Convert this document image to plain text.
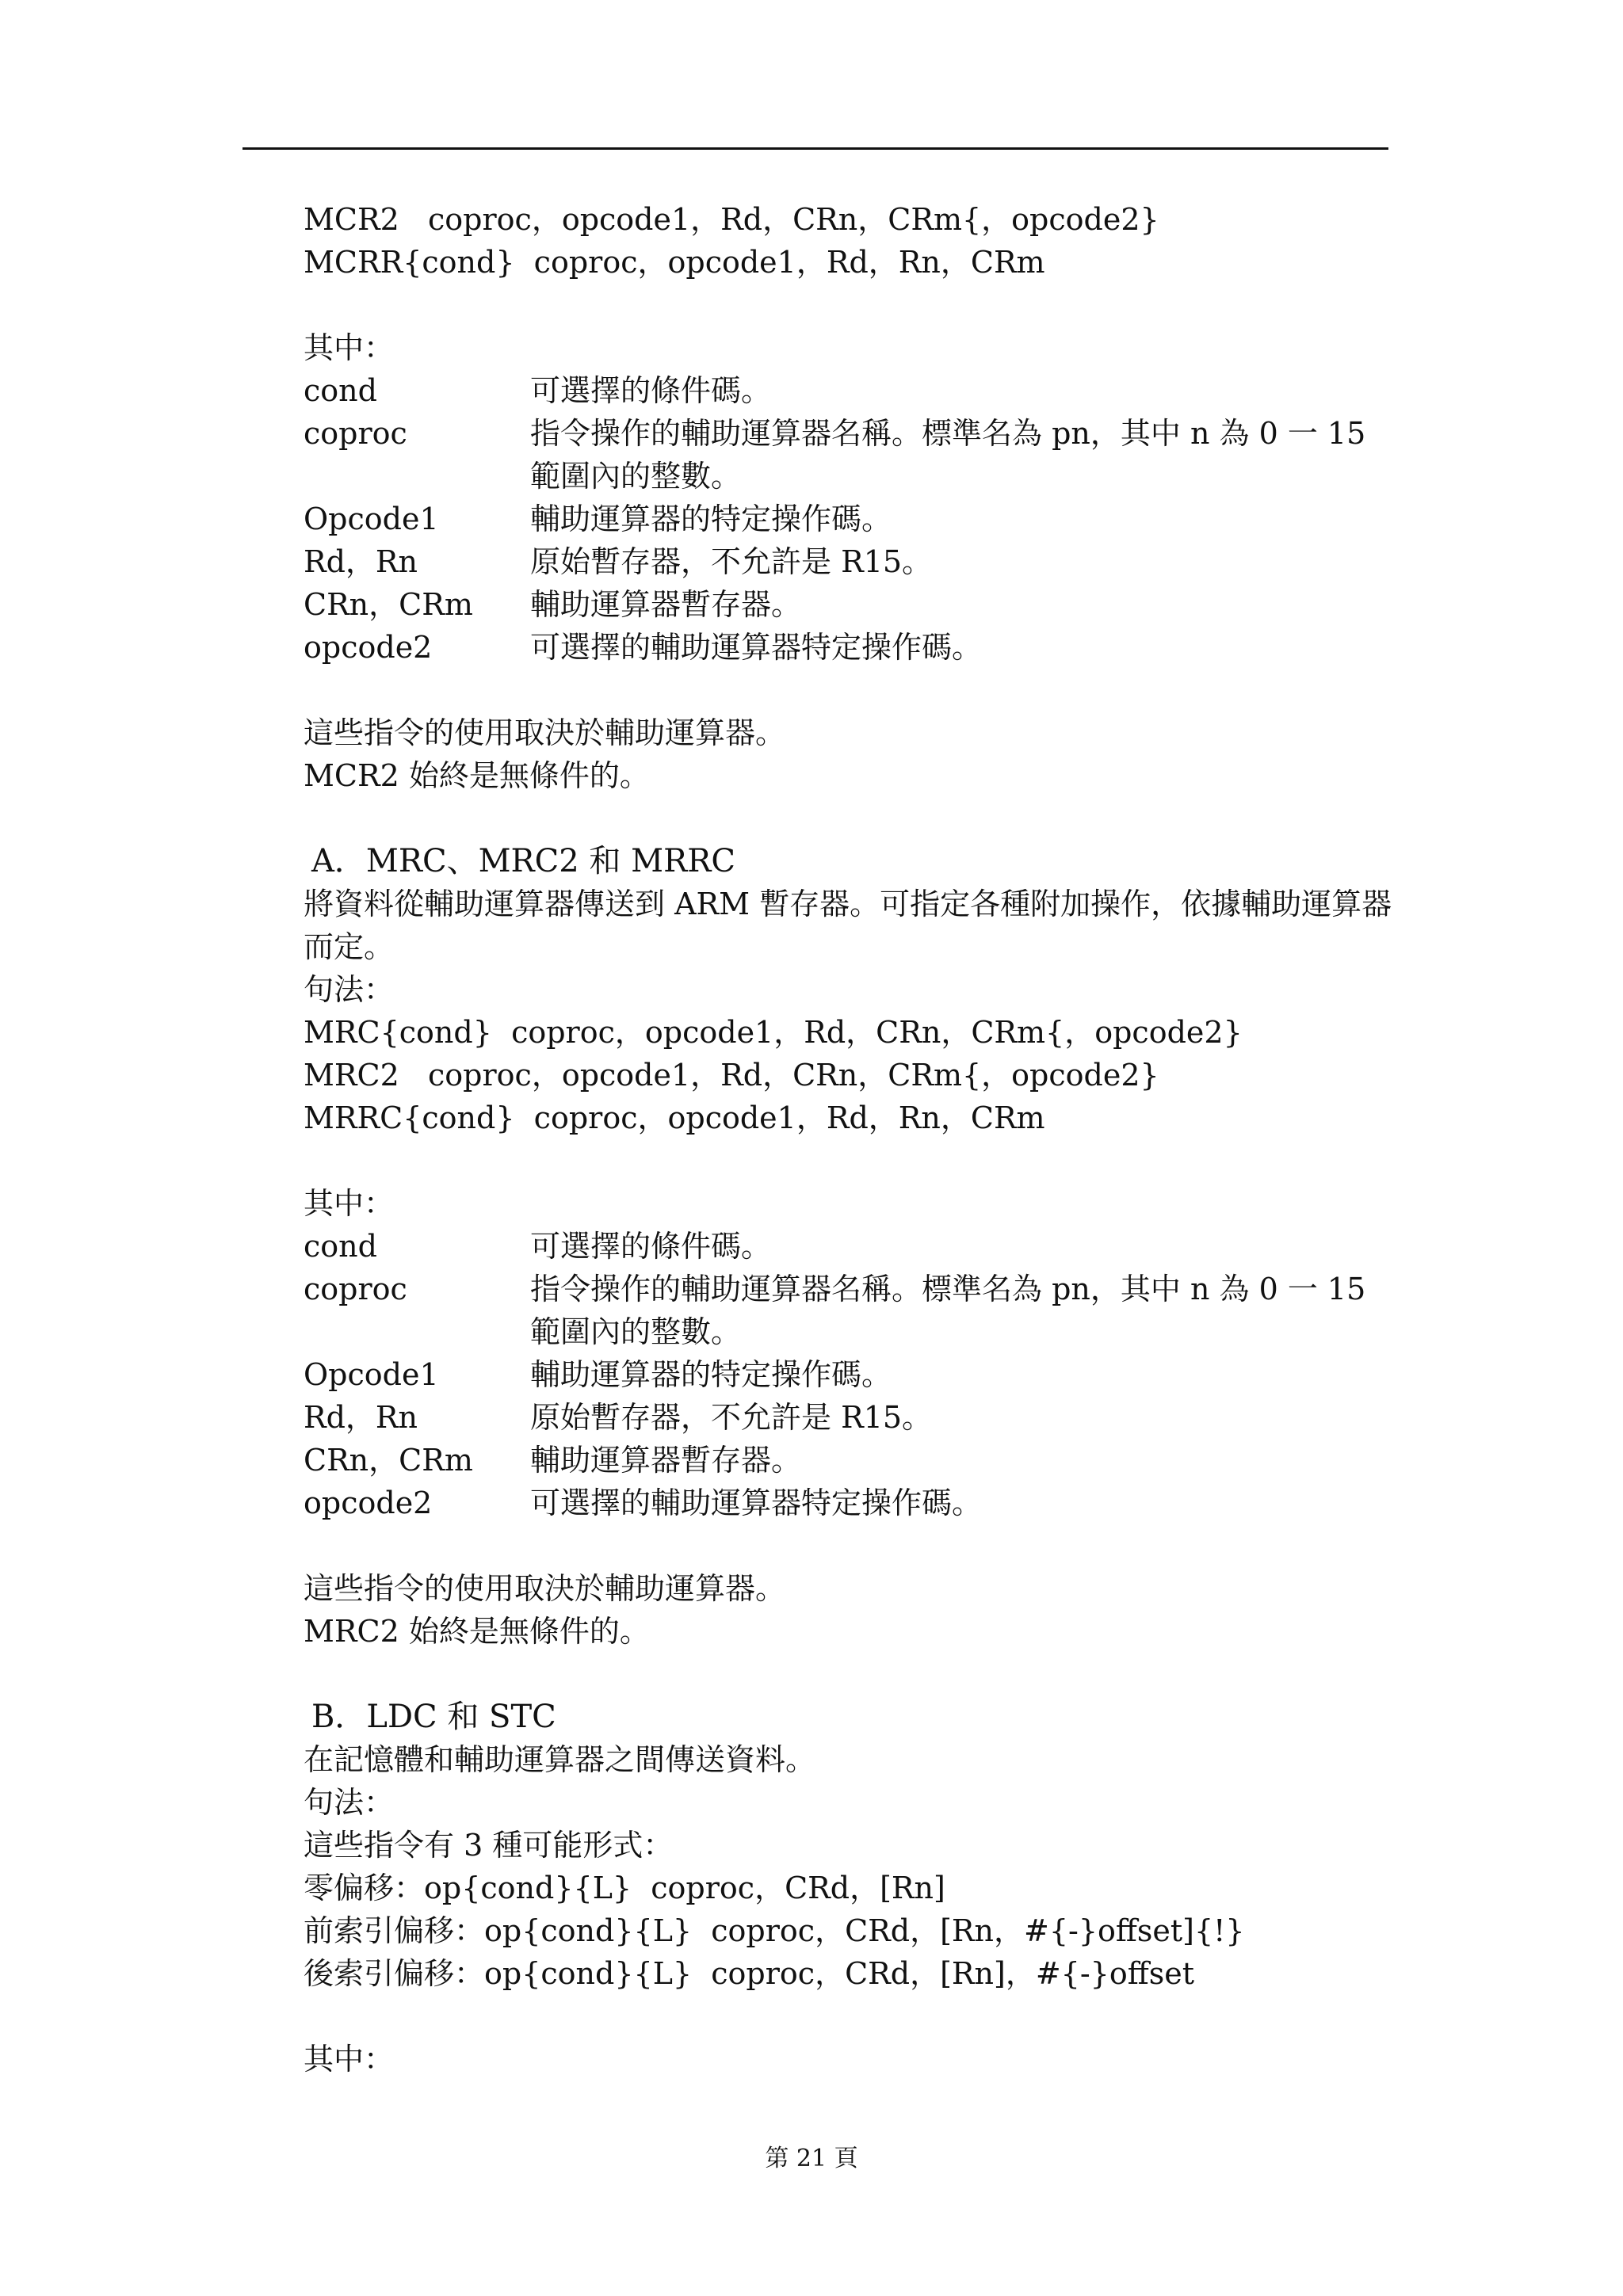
MCR2   coproc，opcode1，Rd，CRn，CRm{，opcode2}
MCRR{cond}  coproc，opcode1，Rd，Rn，CRm
其中：
cond	可選擇的條件碼。
coproc	指令操作的輔助運算器名稱。標準名為 pn，其中 n 為 0 一 15 範圍內的整數。
Opcode1	輔助運算器的特定操作碼。
Rd，Rn	原始暫存器，不允許是 R15。
CRn，CRm	輔助運算器暫存器。
opcode2	可選擇的輔助運算器特定操作碼。
這些指令的使用取決於輔助運算器。
MCR2 始終是無條件的。
A．MRC、MRC2 和 MRRC
將資料從輔助運算器傳送到 ARM 暫存器。可指定各種附加操作，依據輔助運算器而定。
句法：
MRC{cond}  coproc，opcode1，Rd，CRn，CRm{，opcode2}
MRC2   coproc，opcode1，Rd，CRn，CRm{，opcode2}
MRRC{cond}  coproc，opcode1，Rd，Rn，CRm
其中：
cond	可選擇的條件碼。
coproc	指令操作的輔助運算器名稱。標準名為 pn，其中 n 為 0 一 15 範圍內的整數。
Opcode1	輔助運算器的特定操作碼。
Rd，Rn	原始暫存器，不允許是 R15。
CRn，CRm	輔助運算器暫存器。
opcode2	可選擇的輔助運算器特定操作碼。
這些指令的使用取決於輔助運算器。
MRC2 始終是無條件的。
B．LDC 和 STC
在記憶體和輔助運算器之間傳送資料。
句法：
這些指令有 3 種可能形式：
零偏移：op{cond}{L}  coproc，CRd，[Rn]
前索引偏移：op{cond}{L}  coproc，CRd，[Rn，#{-}offset]{!}
後索引偏移：op{cond}{L}  coproc，CRd，[Rn]，#{-}offset
其中：
第 21 頁
